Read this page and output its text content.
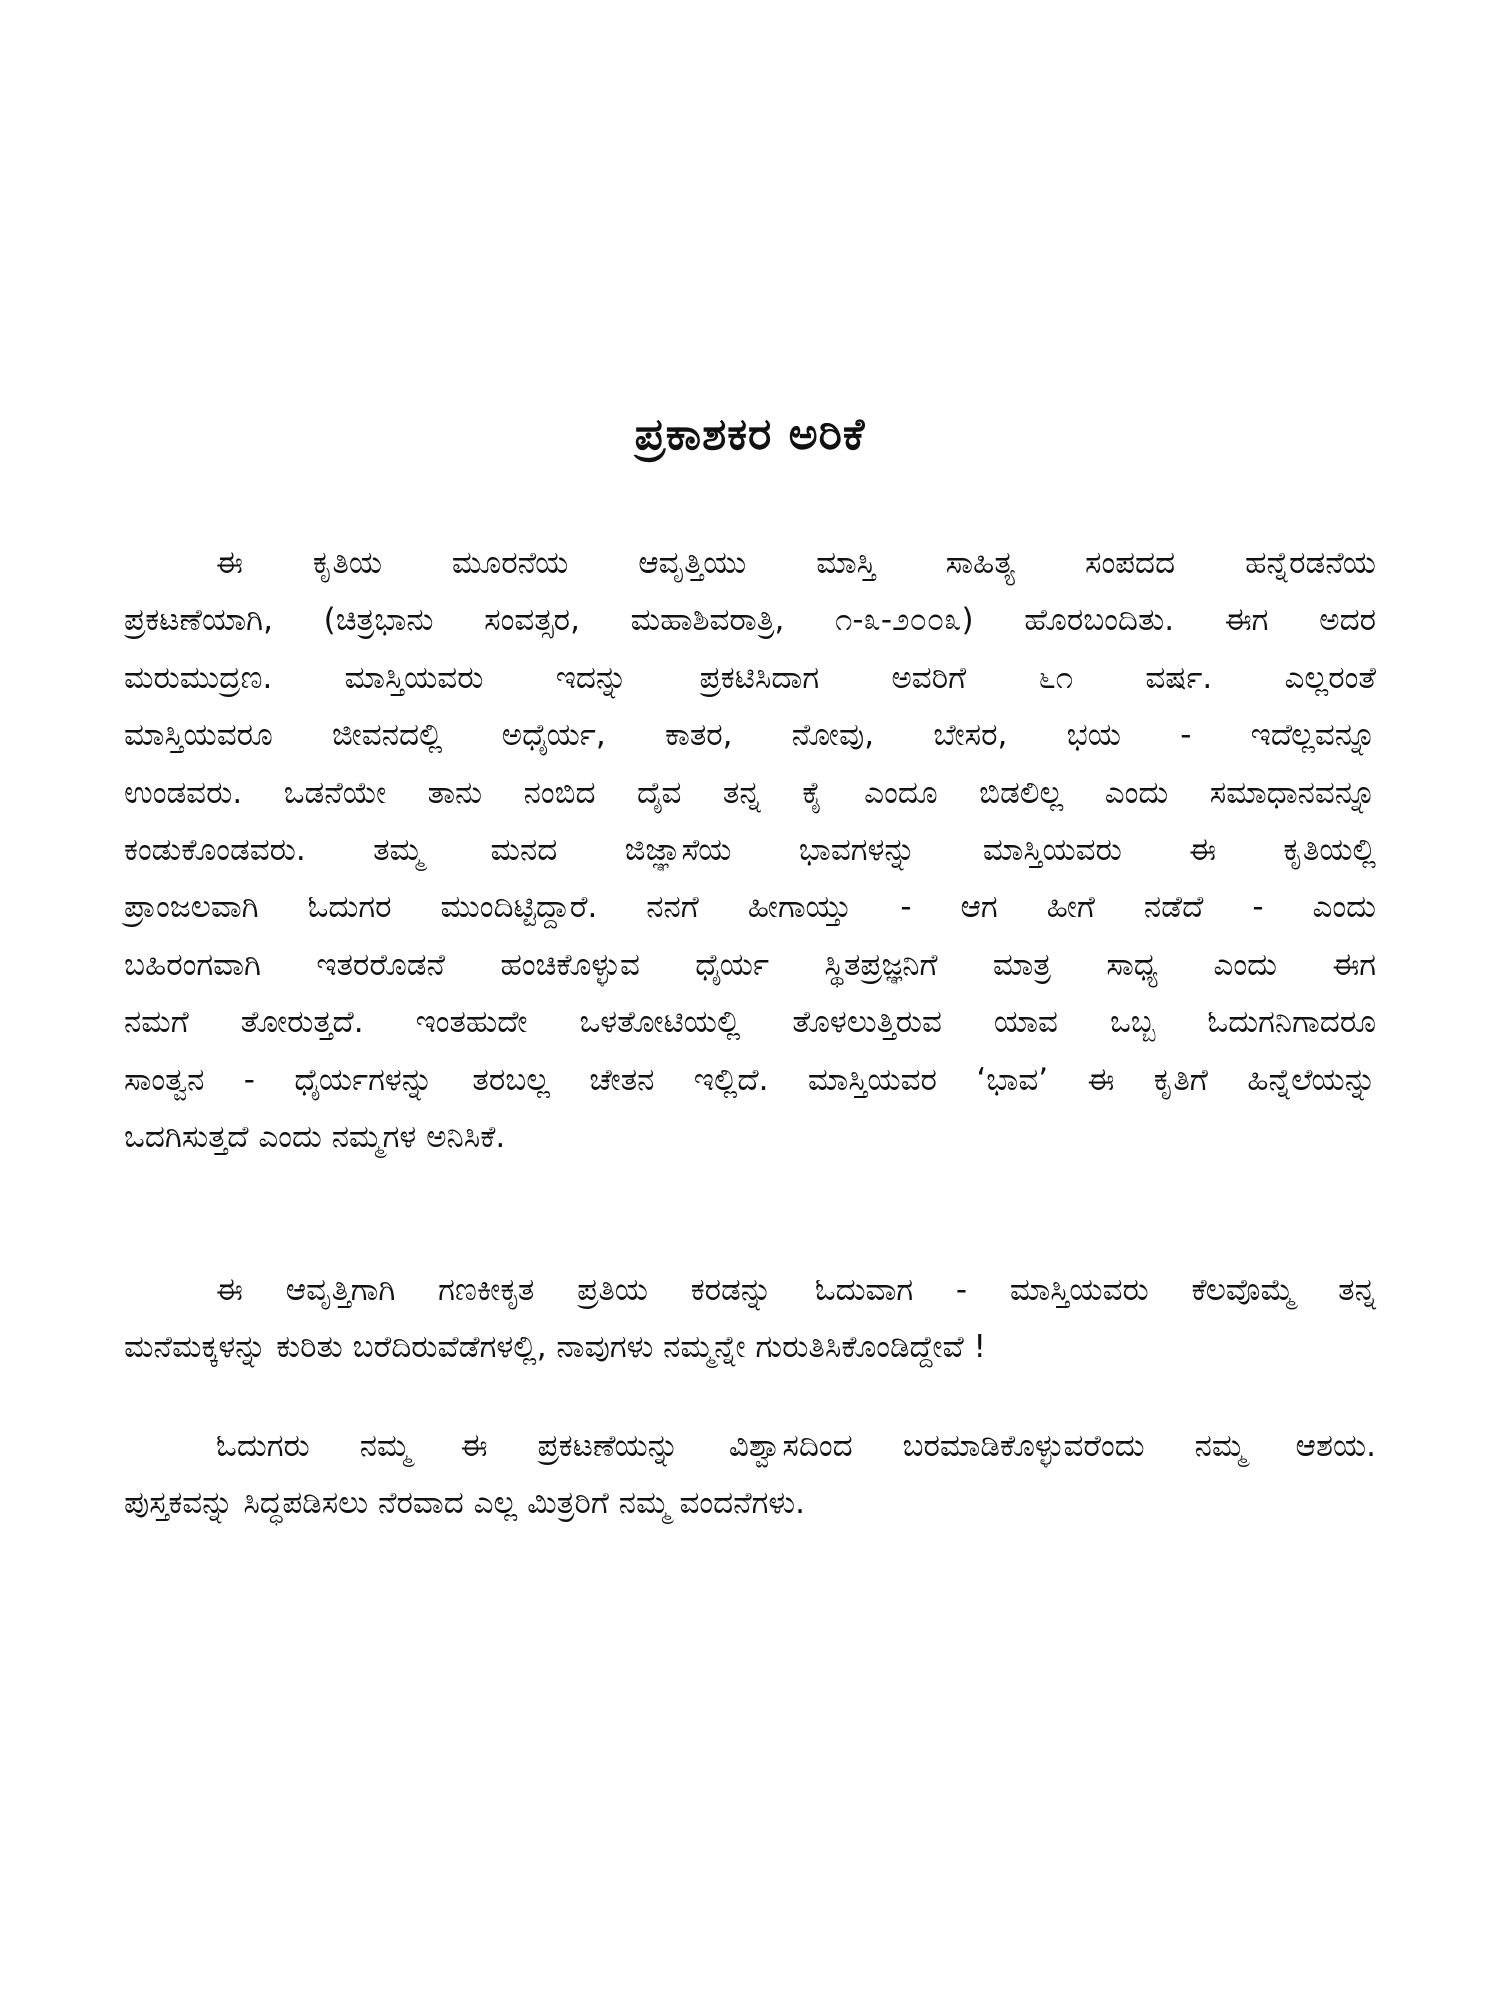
ಪ್ರಕಾಶಕರ ಅರಿಕೆ
ಈ ಕೃತಿಯ ಮೂರನೆಯ ಆವೃತ್ತಿಯು ಮಾಸ್ತಿ ಸಾಹಿತ್ಯ ಸಂಪದದ ಹನ್ನೆರಡನೆಯ
ಪ್ರಕಟಣೆಯಾಗಿ, (ಚಿತ್ರಭಾನು ಸಂವತ್ಸರ, ಮಹಾಶಿವರಾತ್ರಿ, ೧-೩-೨೦೦೩) ಹೊರಬಂದಿತು. ಈಗ ಅದರ
ಮರುಮುದ್ರಣ. ಮಾಸ್ತಿಯವರು ಇದನ್ನು ಪ್ರಕಟಿಸಿದಾಗ ಅವರಿಗೆ ೬೧ ವರ್ಷ. ಎಲ್ಲರಂತೆ
ಮಾಸ್ತಿಯವರೂ ಜೀವನದಲ್ಲಿ ಅಧೈರ್ಯ, ಕಾತರ, ನೋವು, ಬೇಸರ, ಭಯ - ಇದೆಲ್ಲವನ್ನೂ
ಉಂಡವರು. ಒಡನೆಯೇ ತಾನು ನಂಬಿದ ದೈವ ತನ್ನ ಕೈ ಎಂದೂ ಬಿಡಲಿಲ್ಲ ಎಂದು ಸಮಾಧಾನವನ್ನೂ
ಕಂಡುಕೊಂಡವರು. ತಮ್ಮ ಮನದ ಜಿಜ್ಞಾಸೆಯ ಭಾವಗಳನ್ನು ಮಾಸ್ತಿಯವರು ಈ ಕೃತಿಯಲ್ಲಿ
ಪ್ರಾಂಜಲವಾಗಿ ಓದುಗರ ಮುಂದಿಟ್ಟಿದ್ದಾರೆ. ನನಗೆ ಹೀಗಾಯ್ತು - ಆಗ ಹೀಗೆ ನಡೆದೆ - ಎಂದು
ಬಹಿರಂಗವಾಗಿ ಇತರರೊಡನೆ ಹಂಚಿಕೊಳ್ಳುವ ಧೈರ್ಯ ಸ್ಥಿತಪ್ರಜ್ಞನಿಗೆ ಮಾತ್ರ ಸಾಧ್ಯ ಎಂದು ಈಗ
ನಮಗೆ ತೋರುತ್ತದೆ. ಇಂತಹುದೇ ಒಳತೋಟಿಯಲ್ಲಿ ತೊಳಲುತ್ತಿರುವ ಯಾವ ಒಬ್ಬ ಓದುಗನಿಗಾದರೂ
ಸಾಂತ್ವನ - ಧೈರ್ಯಗಳನ್ನು ತರಬಲ್ಲ ಚೇತನ ಇಲ್ಲಿದೆ. ಮಾಸ್ತಿಯವರ ‘ಭಾವ’ ಈ ಕೃತಿಗೆ ಹಿನ್ನೆಲೆಯನ್ನು
ಒದಗಿಸುತ್ತದೆ ಎಂದು ನಮ್ಮಗಳ ಅನಿಸಿಕೆ.
ಈ ಆವೃತ್ತಿಗಾಗಿ ಗಣಕೀಕೃತ ಪ್ರತಿಯ ಕರಡನ್ನು ಓದುವಾಗ - ಮಾಸ್ತಿಯವರು ಕೆಲವೊಮ್ಮೆ ತನ್ನ
ಮನೆಮಕ್ಕಳನ್ನು ಕುರಿತು ಬರೆದಿರುವೆಡೆಗಳಲ್ಲಿ, ನಾವುಗಳು ನಮ್ಮನ್ನೇ ಗುರುತಿಸಿಕೊಂಡಿದ್ದೇವೆ !
ಓದುಗರು ನಮ್ಮ ಈ ಪ್ರಕಟಣೆಯನ್ನು ವಿಶ್ವಾಸದಿಂದ ಬರಮಾಡಿಕೊಳ್ಳುವರೆಂದು ನಮ್ಮ ಆಶಯ.
ಪುಸ್ತಕವನ್ನು ಸಿದ್ಧಪಡಿಸಲು ನೆರವಾದ ಎಲ್ಲ ಮಿತ್ರರಿಗೆ ನಮ್ಮ ವಂದನೆಗಳು.
